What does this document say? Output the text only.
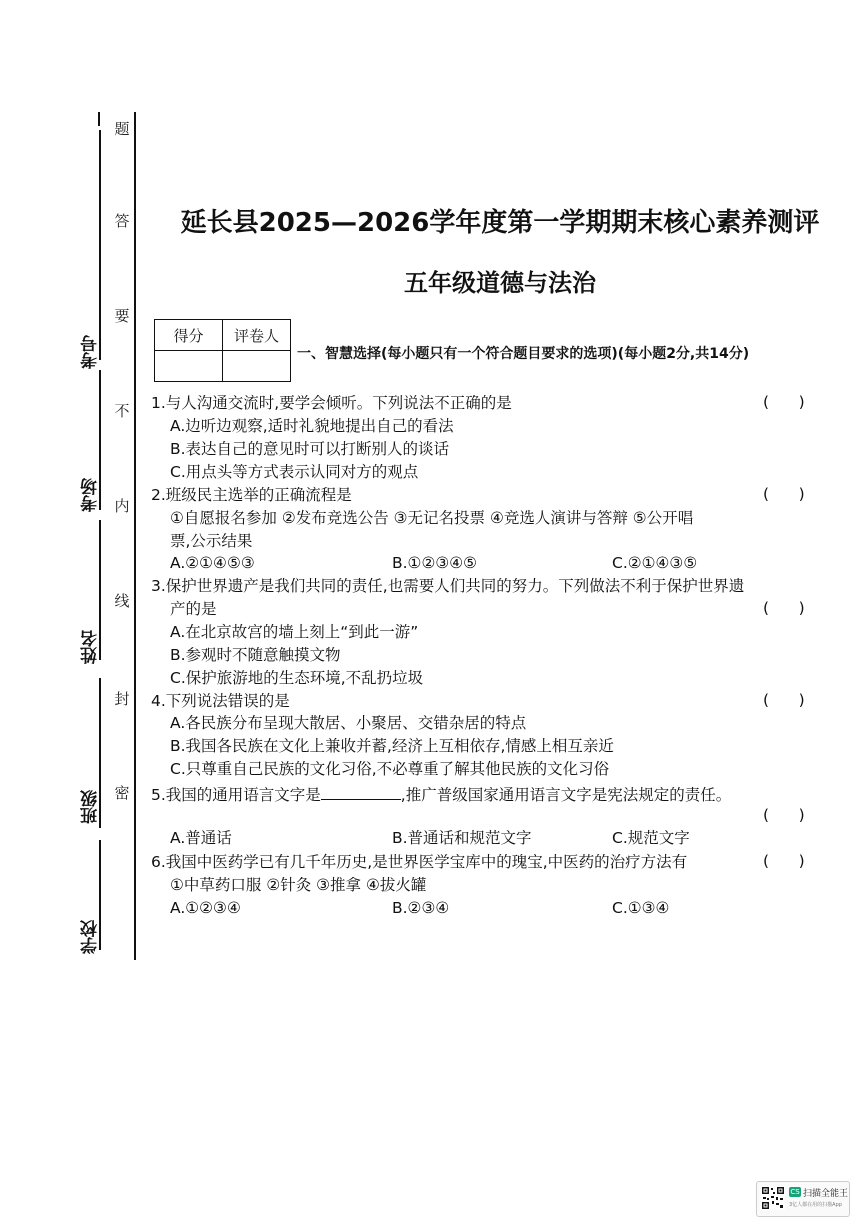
考号
考场
姓名
班级
学校
题
答
要
不
内
线
封
密
延长县2025—2026学年度第一学期期末核心素养测评
五年级道德与法治
得分	评卷人

一、智慧选择(每小题只有一个符合题目要求的选项)(每小题2分,共14分)
1.与人沟通交流时,要学会倾听。下列说法不正确的是	(      )
A.边听边观察,适时礼貌地提出自己的看法
B.表达自己的意见时可以打断别人的谈话
C.用点头等方式表示认同对方的观点
2.班级民主选举的正确流程是	(      )
①自愿报名参加 ②发布竞选公告 ③无记名投票 ④竞选人演讲与答辩 ⑤公开唱
票,公示结果
A.②①④⑤③	B.①②③④⑤	C.②①④③⑤
3.保护世界遗产是我们共同的责任,也需要人们共同的努力。下列做法不利于保护世界遗
产的是	(      )
A.在北京故宫的墙上刻上“到此一游”
B.参观时不随意触摸文物
C.保护旅游地的生态环境,不乱扔垃圾
4.下列说法错误的是	(      )
A.各民族分布呈现大散居、小聚居、交错杂居的特点
B.我国各民族在文化上兼收并蓄,经济上互相依存,情感上相互亲近
C.只尊重自己民族的文化习俗,不必尊重了解其他民族的文化习俗
5.我国的通用语言文字是	,推广普级国家通用语言文字是宪法规定的责任。
(      )
A.普通话	B.普通话和规范文字	C.规范文字
6.我国中医药学已有几千年历史,是世界医学宝库中的瑰宝,中医药的治疗方法有	(      )
①中草药口服 ②针灸 ③推拿 ④拔火罐
A.①②③④	B.②③④	C.①③④
CS 扫描全能王
3亿人都在用的扫描App
